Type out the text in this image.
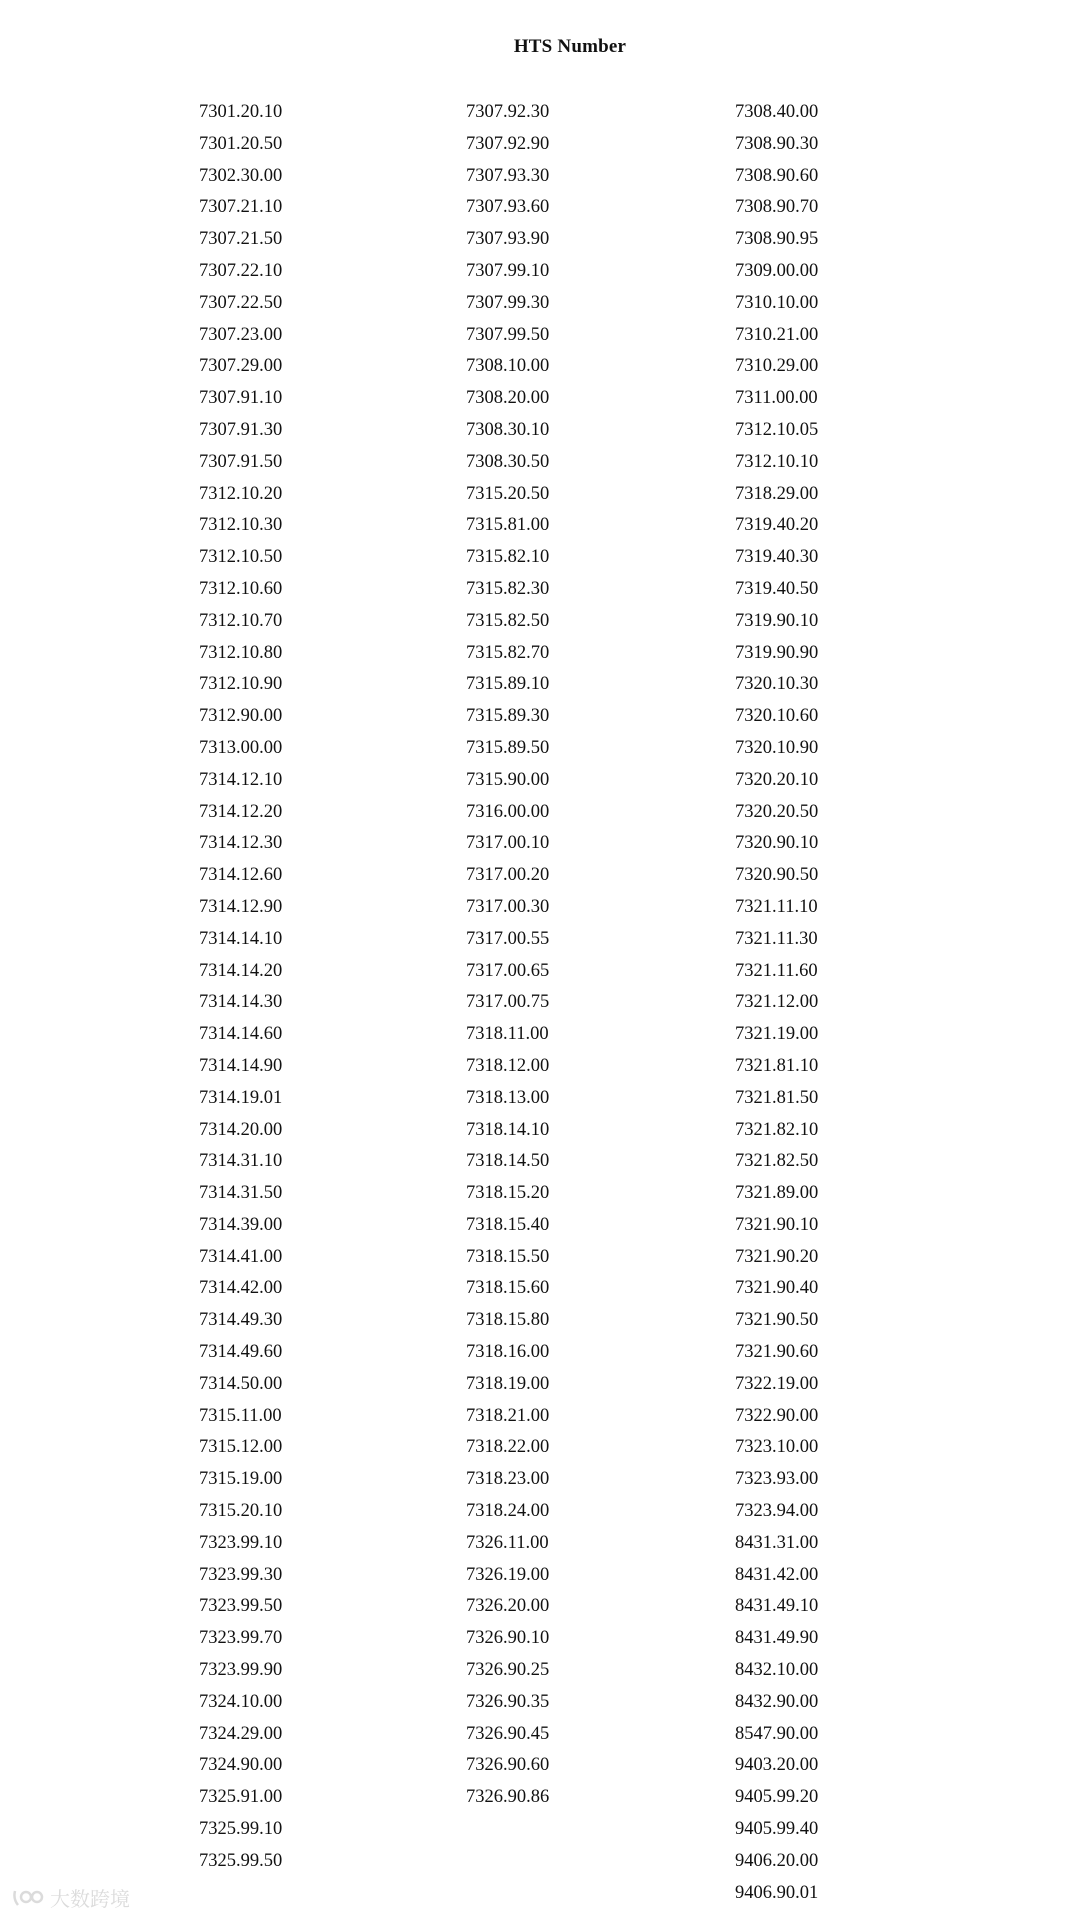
HTS Number
7301.20.10
7301.20.50
7302.30.00
7307.21.10
7307.21.50
7307.22.10
7307.22.50
7307.23.00
7307.29.00
7307.91.10
7307.91.30
7307.91.50
7312.10.20
7312.10.30
7312.10.50
7312.10.60
7312.10.70
7312.10.80
7312.10.90
7312.90.00
7313.00.00
7314.12.10
7314.12.20
7314.12.30
7314.12.60
7314.12.90
7314.14.10
7314.14.20
7314.14.30
7314.14.60
7314.14.90
7314.19.01
7314.20.00
7314.31.10
7314.31.50
7314.39.00
7314.41.00
7314.42.00
7314.49.30
7314.49.60
7314.50.00
7315.11.00
7315.12.00
7315.19.00
7315.20.10
7323.99.10
7323.99.30
7323.99.50
7323.99.70
7323.99.90
7324.10.00
7324.29.00
7324.90.00
7325.91.00
7325.99.10
7325.99.50
7307.92.30
7307.92.90
7307.93.30
7307.93.60
7307.93.90
7307.99.10
7307.99.30
7307.99.50
7308.10.00
7308.20.00
7308.30.10
7308.30.50
7315.20.50
7315.81.00
7315.82.10
7315.82.30
7315.82.50
7315.82.70
7315.89.10
7315.89.30
7315.89.50
7315.90.00
7316.00.00
7317.00.10
7317.00.20
7317.00.30
7317.00.55
7317.00.65
7317.00.75
7318.11.00
7318.12.00
7318.13.00
7318.14.10
7318.14.50
7318.15.20
7318.15.40
7318.15.50
7318.15.60
7318.15.80
7318.16.00
7318.19.00
7318.21.00
7318.22.00
7318.23.00
7318.24.00
7326.11.00
7326.19.00
7326.20.00
7326.90.10
7326.90.25
7326.90.35
7326.90.45
7326.90.60
7326.90.86
7308.40.00
7308.90.30
7308.90.60
7308.90.70
7308.90.95
7309.00.00
7310.10.00
7310.21.00
7310.29.00
7311.00.00
7312.10.05
7312.10.10
7318.29.00
7319.40.20
7319.40.30
7319.40.50
7319.90.10
7319.90.90
7320.10.30
7320.10.60
7320.10.90
7320.20.10
7320.20.50
7320.90.10
7320.90.50
7321.11.10
7321.11.30
7321.11.60
7321.12.00
7321.19.00
7321.81.10
7321.81.50
7321.82.10
7321.82.50
7321.89.00
7321.90.10
7321.90.20
7321.90.40
7321.90.50
7321.90.60
7322.19.00
7322.90.00
7323.10.00
7323.93.00
7323.94.00
8431.31.00
8431.42.00
8431.49.10
8431.49.90
8432.10.00
8432.90.00
8547.90.00
9403.20.00
9405.99.20
9405.99.40
9406.20.00
9406.90.01
大数跨境
